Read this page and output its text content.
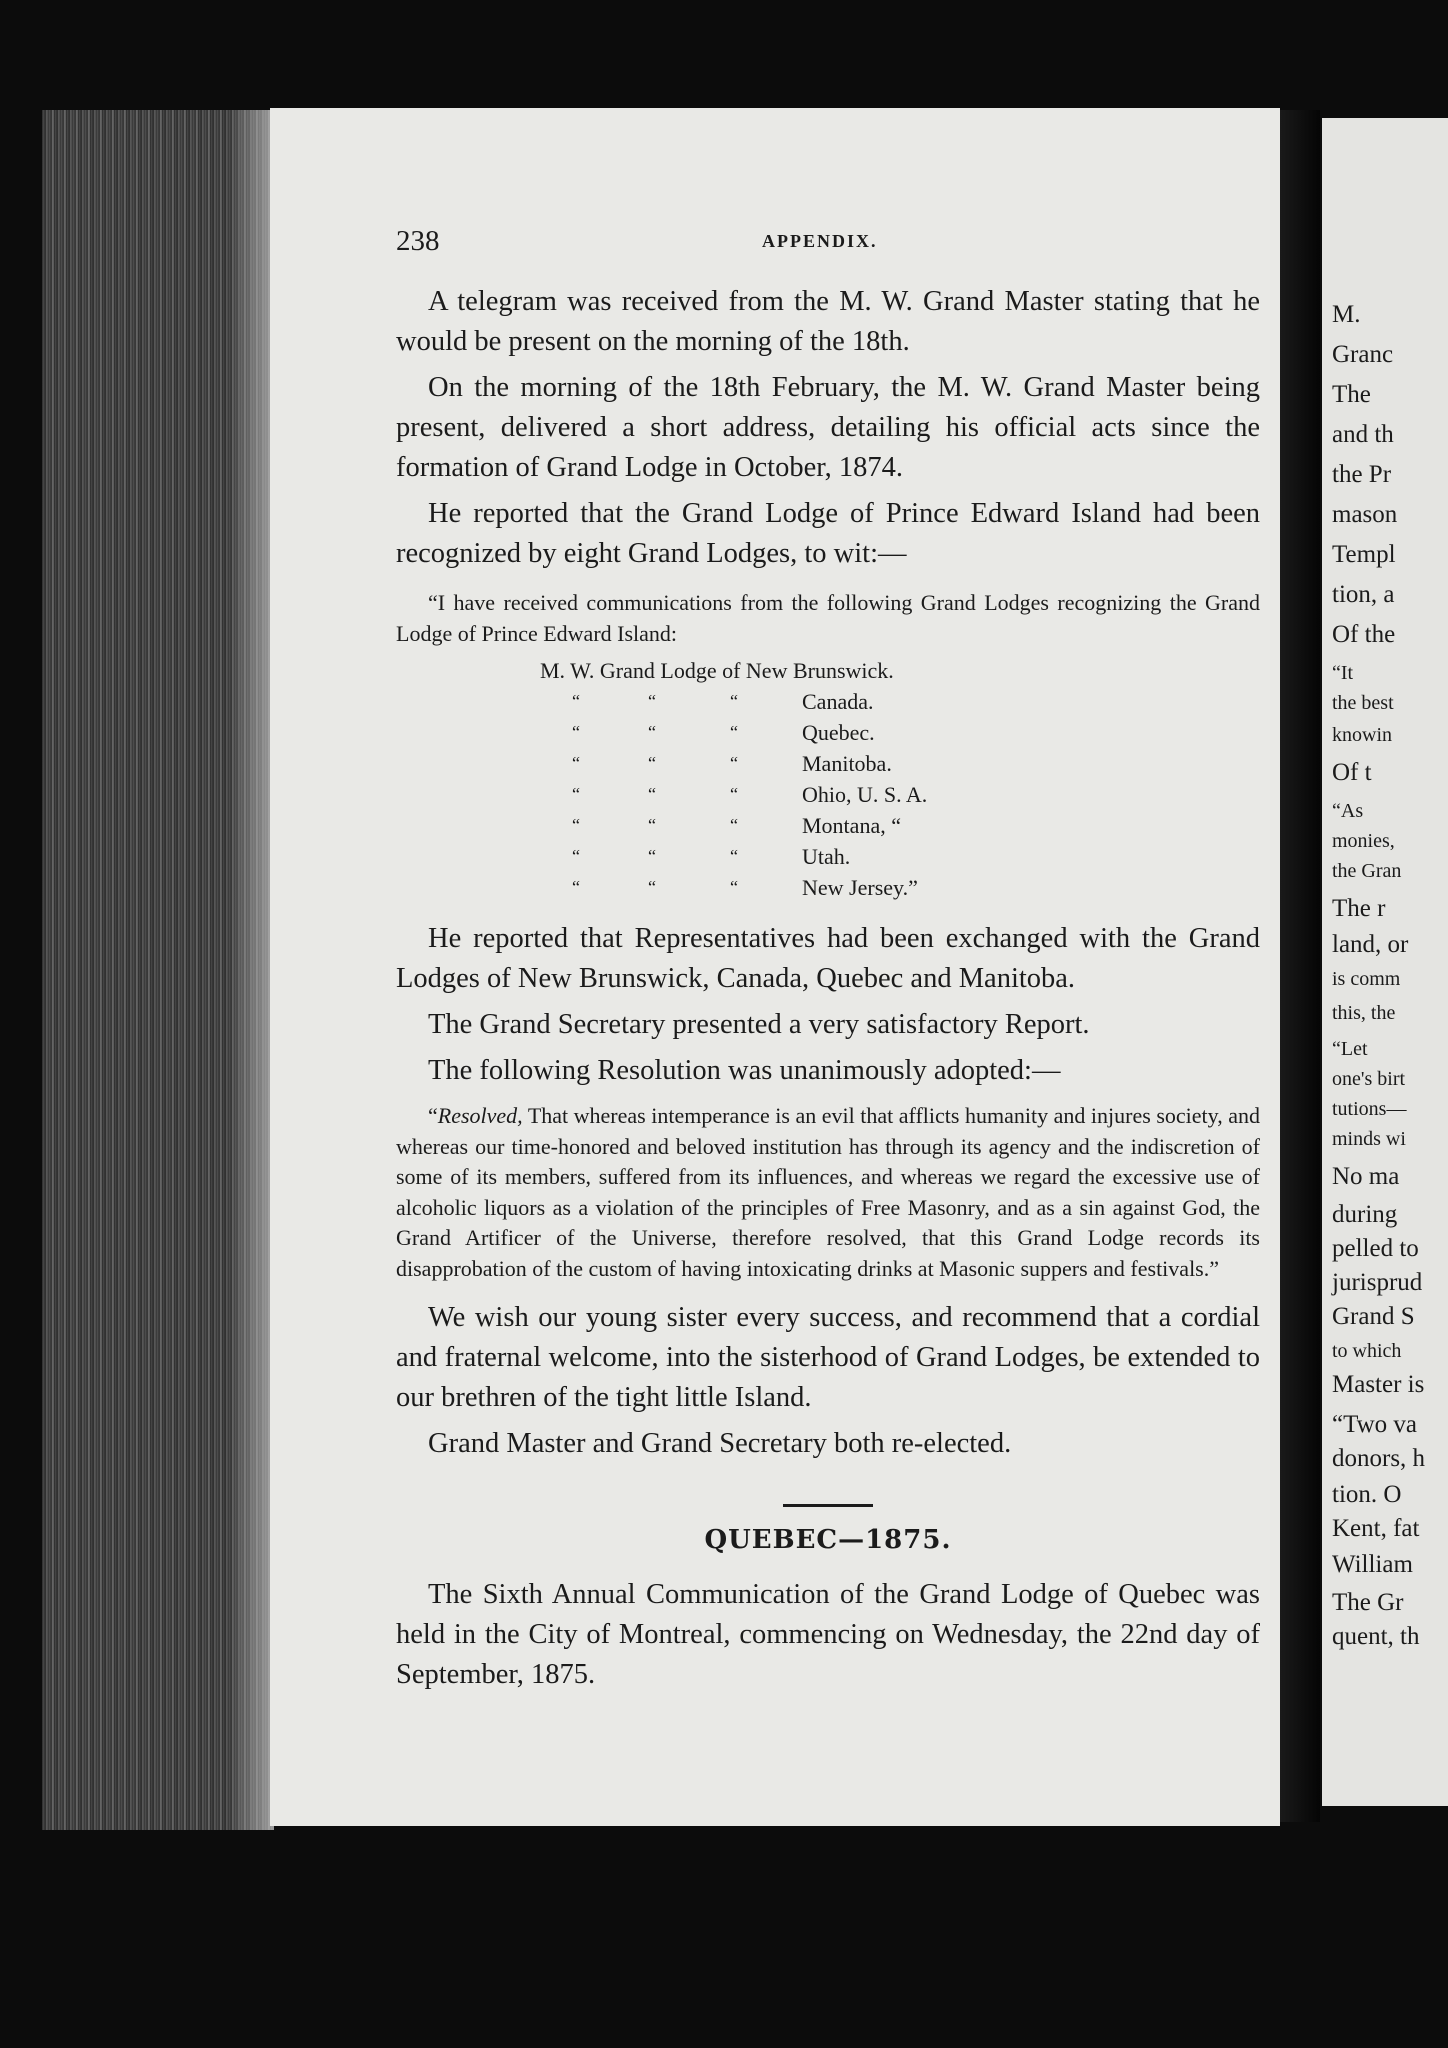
M.
Granc
The
and th
the Pr
mason
Templ
tion, a
Of the
“It
the best
knowin
Of t
“As
monies,
the Gran
The r
land, or
is comm
this, the
“Let
one's birt
tutions—
minds wi
No ma
during
pelled to
jurisprud
Grand S
to which
Master is
“Two va
donors, h
tion. O
Kent, fat
William
The Gr
quent, th
238	APPENDIX.

A telegram was received from the M. W. Grand Master stating that he would be present on the morning of the 18th.

On the morning of the 18th February, the M. W. Grand Master being present, delivered a short address, detailing his official acts since the formation of Grand Lodge in October, 1874.

He reported that the Grand Lodge of Prince Edward Island had been recognized by eight Grand Lodges, to wit:—

“I have received communications from the following Grand Lodges recognizing the Grand Lodge of Prince Edward Island:
M. W. Grand Lodge of New Brunswick.
“	“	“	Canada.
“	“	“	Quebec.
“	“	“	Manitoba.
“	“	“	Ohio, U. S. A.
“	“	“	Montana, “
“	“	“	Utah.
“	“	“	New Jersey.”

He reported that Representatives had been exchanged with the Grand Lodges of New Brunswick, Canada, Quebec and Manitoba.

The Grand Secretary presented a very satisfactory Report.

The following Resolution was unanimously adopted:—

“Resolved, That whereas intemperance is an evil that afflicts humanity and injures society, and whereas our time-honored and beloved institution has through its agency and the indiscretion of some of its members, suffered from its influences, and whereas we regard the excessive use of alcoholic liquors as a violation of the principles of Free Masonry, and as a sin against God, the Grand Artificer of the Universe, therefore resolved, that this Grand Lodge records its disapprobation of the custom of having intoxicating drinks at Masonic suppers and festivals.”

We wish our young sister every success, and recommend that a cordial and fraternal welcome, into the sisterhood of Grand Lodges, be extended to our brethren of the tight little Island.

Grand Master and Grand Secretary both re-elected.

QUEBEC—1875.

The Sixth Annual Communication of the Grand Lodge of Quebec was held in the City of Montreal, commencing on Wednesday, the 22nd day of September, 1875.
